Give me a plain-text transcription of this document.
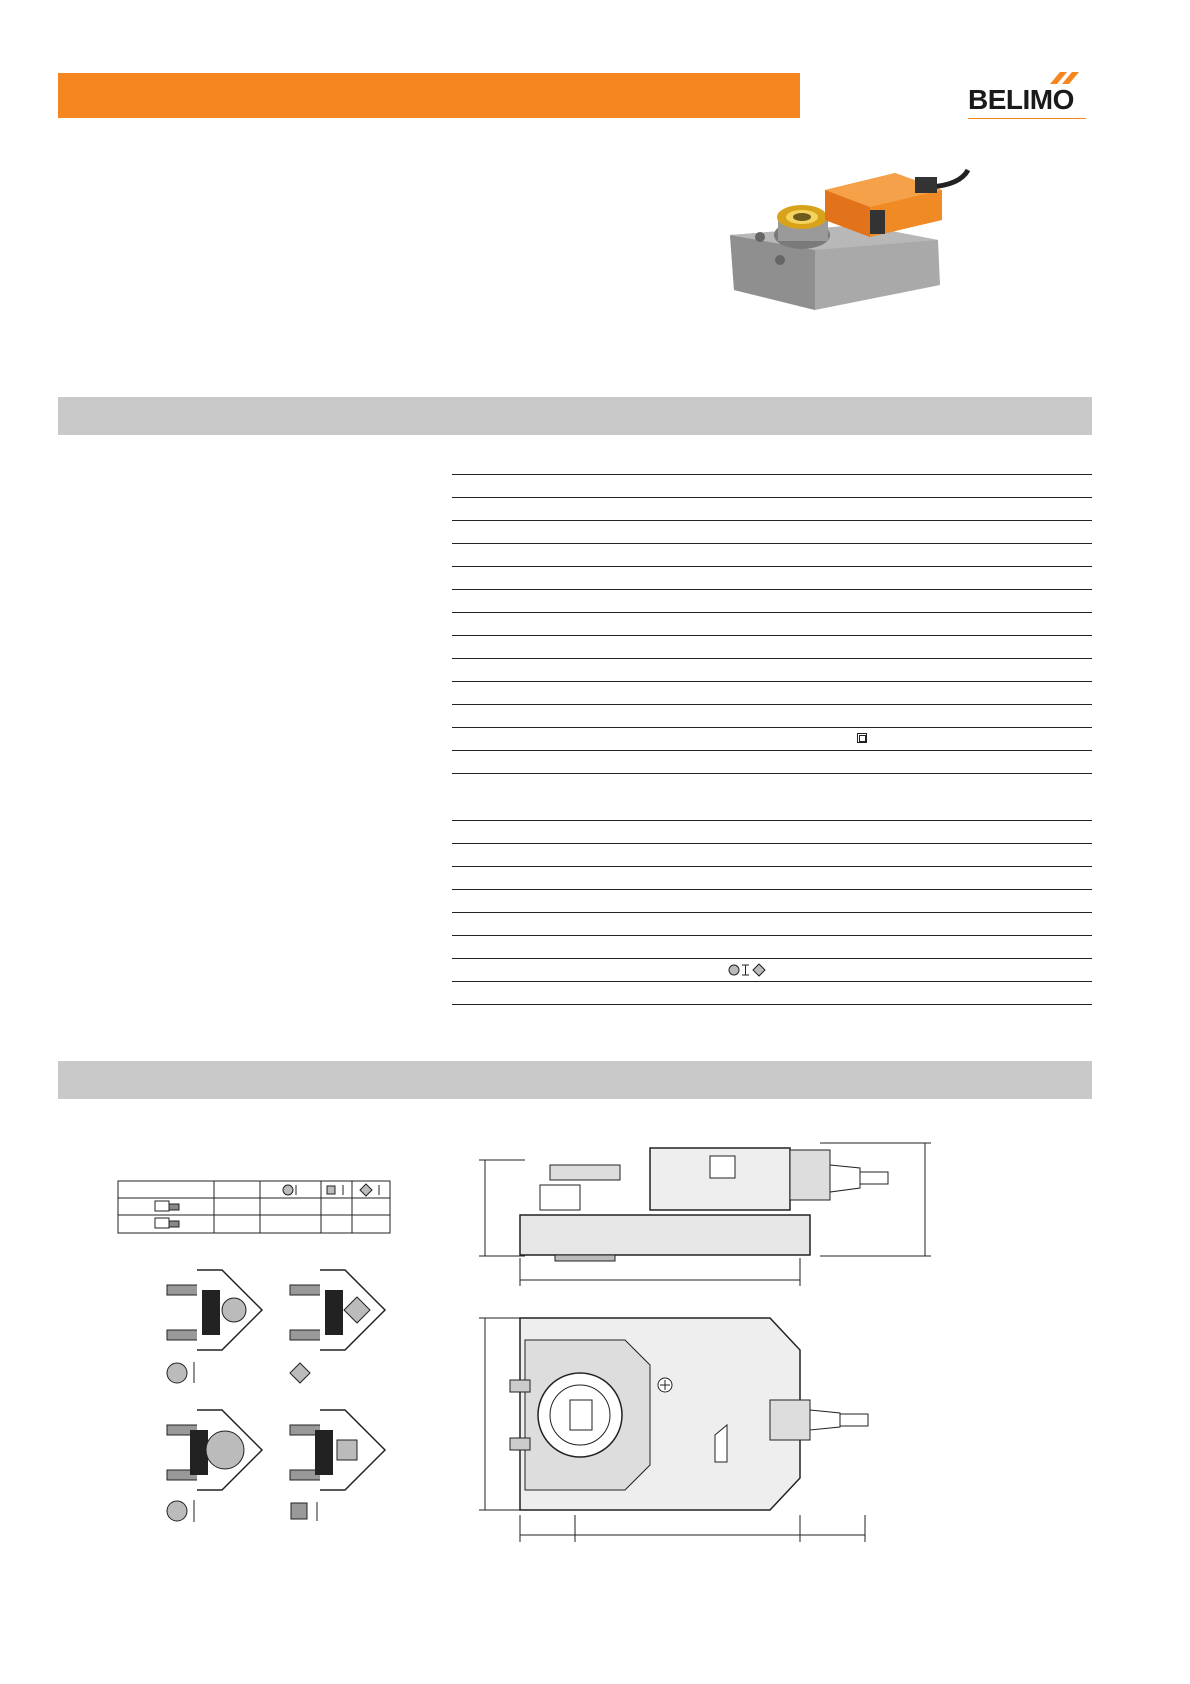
BELIMO
